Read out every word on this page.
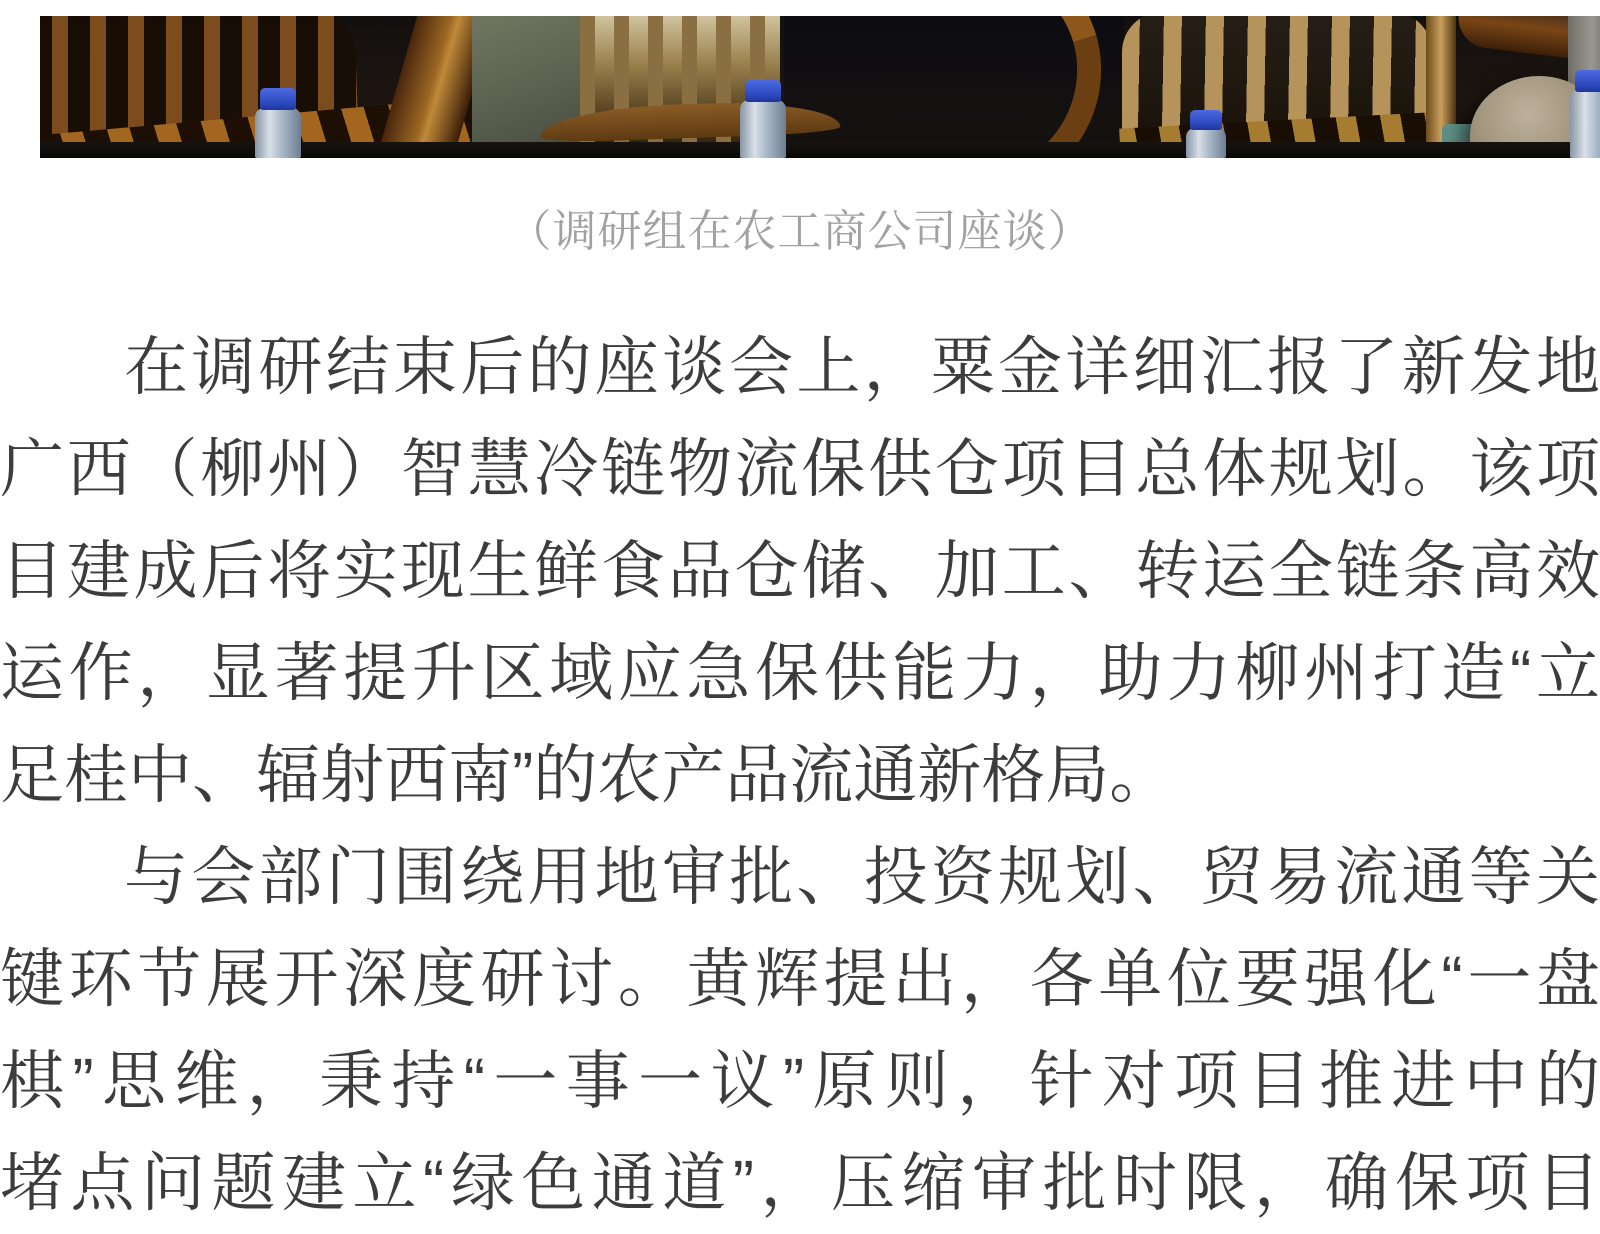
（调研组在农工商公司座谈）
在调研结束后的座谈会上，粟金详细汇报了新发地
广西（柳州）智慧冷链物流保供仓项目总体规划。该项
目建成后将实现生鲜食品仓储、加工、转运全链条高效
运作，显著提升区域应急保供能力，助力柳州打造“立
足桂中、辐射西南”的农产品流通新格局。
与会部门围绕用地审批、投资规划、贸易流通等关
键环节展开深度研讨。黄辉提出，各单位要强化“一盘
棋”思维，秉持“一事一议”原则，针对项目推进中的
堵点问题建立“绿色通道”，压缩审批时限，确保项目
